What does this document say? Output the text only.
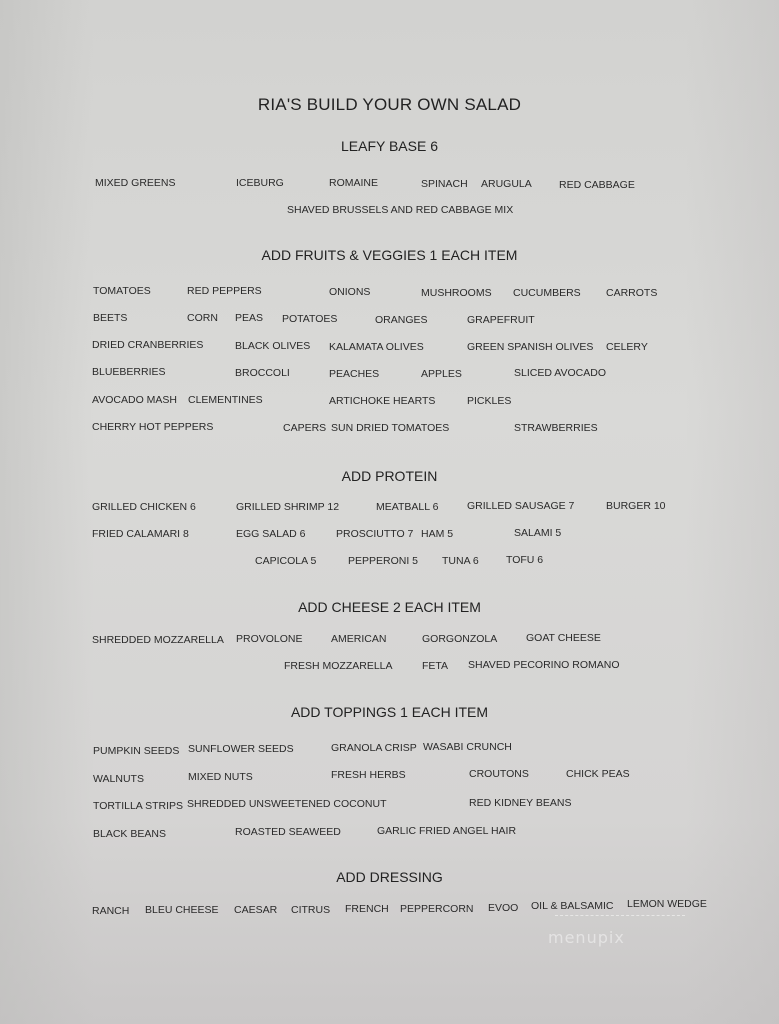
RIA'S BUILD YOUR OWN SALAD
LEAFY BASE 6
MIXED GREENS	ICEBURG	ROMAINE	SPINACH ARUGULA	RED CABBAGE
SHAVED BRUSSELS AND RED CABBAGE MIX
ADD FRUITS & VEGGIES 1 EACH ITEM
TOMATOES	RED PEPPERS	ONIONS	MUSHROOMS CUCUMBERS CARROTS
BEETS	CORN PEAS POTATOES	ORANGES	GRAPEFRUIT
DRIED CRANBERRIES	BLACK OLIVES KALAMATA OLIVES	GREEN SPANISH OLIVES CELERY
BLUEBERRIES	BROCCOLI	PEACHES	APPLES	SLICED AVOCADO
AVOCADO MASH CLEMENTINES	ARTICHOKE HEARTS	PICKLES
CHERRY HOT PEPPERS	CAPERS SUN DRIED TOMATOES	STRAWBERRIES
ADD PROTEIN
GRILLED CHICKEN 6	GRILLED SHRIMP 12	MEATBALL 6	GRILLED SAUSAGE 7	BURGER 10
FRIED CALAMARI 8	EGG SALAD 6	PROSCIUTTO 7 HAM 5	SALAMI 5
CAPICOLA 5	PEPPERONI 5 TUNA 6	TOFU 6
ADD CHEESE 2 EACH ITEM
SHREDDED MOZZARELLA PROVOLONE	AMERICAN	GORGONZOLA	GOAT CHEESE
FRESH MOZZARELLA	FETA SHAVED PECORINO ROMANO
ADD TOPPINGS 1 EACH ITEM
PUMPKIN SEEDS SUNFLOWER SEEDS	GRANOLA CRISP WASABI CRUNCH
WALNUTS	MIXED NUTS	FRESH HERBS	CROUTONS	CHICK PEAS
TORTILLA STRIPS SHREDDED UNSWEETENED COCONUT	RED KIDNEY BEANS
BLACK BEANS	ROASTED SEAWEED	GARLIC FRIED ANGEL HAIR
ADD DRESSING
RANCH BLEU CHEESE CAESAR CITRUS FRENCH PEPPERCORN EVOO OIL & BALSAMIC LEMON WEDGE
menupix
